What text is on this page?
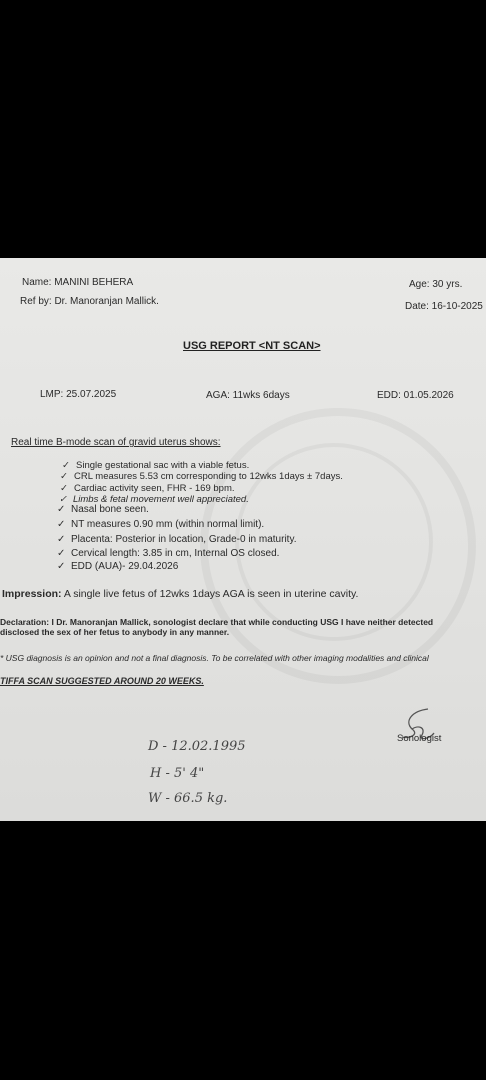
Name: MANINI BEHERA	Age: 30 yrs.
Ref by: Dr. Manoranjan Mallick.	Date: 16-10-2025
USG REPORT <NT SCAN>
LMP: 25.07.2025	AGA: 11wks 6days	EDD: 01.05.2026
Real time B-mode scan of gravid uterus shows:
✓ Single gestational sac with a viable fetus.
✓ CRL measures 5.53 cm corresponding to 12wks 1days ± 7days.
✓ Cardiac activity seen, FHR - 169 bpm.
✓ Limbs & fetal movement well appreciated.
✓ Nasal bone seen.
✓ NT measures 0.90 mm (within normal limit).
✓ Placenta: Posterior in location, Grade-0 in maturity.
✓ Cervical length: 3.85 in cm, Internal OS closed.
✓ EDD (AUA)- 29.04.2026
Impression: A single live fetus of 12wks 1days AGA is seen in uterine cavity.
Declaration: I Dr. Manoranjan Mallick, sonologist declare that while conducting USG I have neither detected
disclosed the sex of her fetus to anybody in any manner.
* USG diagnosis is an opinion and not a final diagnosis. To be correlated with other imaging modalities and clinical
TIFFA SCAN SUGGESTED AROUND 20 WEEKS.
Sonologist
D - 12.02.1995
H - 5' 4"
W - 66.5 kg.
